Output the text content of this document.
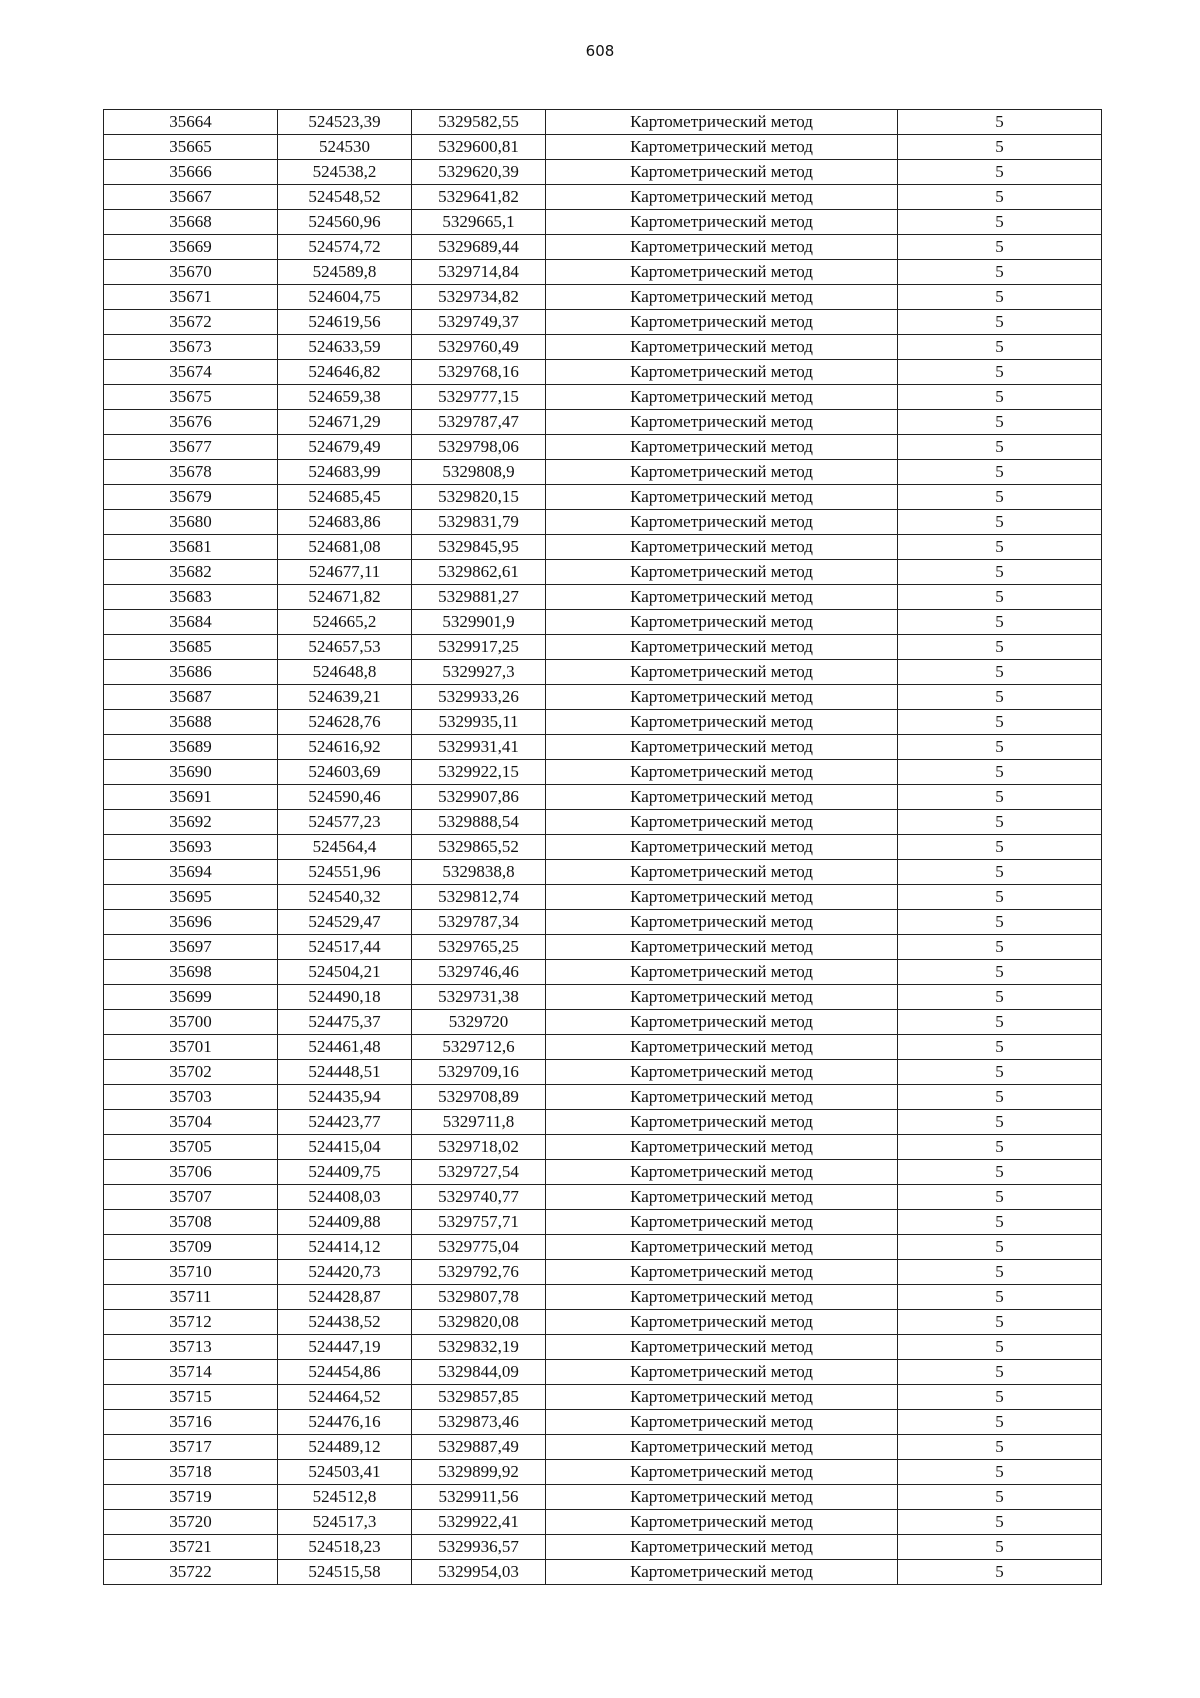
608
35664	524523,39	5329582,55	Картометрический метод	5
35665	524530	5329600,81	Картометрический метод	5
35666	524538,2	5329620,39	Картометрический метод	5
35667	524548,52	5329641,82	Картометрический метод	5
35668	524560,96	5329665,1	Картометрический метод	5
35669	524574,72	5329689,44	Картометрический метод	5
35670	524589,8	5329714,84	Картометрический метод	5
35671	524604,75	5329734,82	Картометрический метод	5
35672	524619,56	5329749,37	Картометрический метод	5
35673	524633,59	5329760,49	Картометрический метод	5
35674	524646,82	5329768,16	Картометрический метод	5
35675	524659,38	5329777,15	Картометрический метод	5
35676	524671,29	5329787,47	Картометрический метод	5
35677	524679,49	5329798,06	Картометрический метод	5
35678	524683,99	5329808,9	Картометрический метод	5
35679	524685,45	5329820,15	Картометрический метод	5
35680	524683,86	5329831,79	Картометрический метод	5
35681	524681,08	5329845,95	Картометрический метод	5
35682	524677,11	5329862,61	Картометрический метод	5
35683	524671,82	5329881,27	Картометрический метод	5
35684	524665,2	5329901,9	Картометрический метод	5
35685	524657,53	5329917,25	Картометрический метод	5
35686	524648,8	5329927,3	Картометрический метод	5
35687	524639,21	5329933,26	Картометрический метод	5
35688	524628,76	5329935,11	Картометрический метод	5
35689	524616,92	5329931,41	Картометрический метод	5
35690	524603,69	5329922,15	Картометрический метод	5
35691	524590,46	5329907,86	Картометрический метод	5
35692	524577,23	5329888,54	Картометрический метод	5
35693	524564,4	5329865,52	Картометрический метод	5
35694	524551,96	5329838,8	Картометрический метод	5
35695	524540,32	5329812,74	Картометрический метод	5
35696	524529,47	5329787,34	Картометрический метод	5
35697	524517,44	5329765,25	Картометрический метод	5
35698	524504,21	5329746,46	Картометрический метод	5
35699	524490,18	5329731,38	Картометрический метод	5
35700	524475,37	5329720	Картометрический метод	5
35701	524461,48	5329712,6	Картометрический метод	5
35702	524448,51	5329709,16	Картометрический метод	5
35703	524435,94	5329708,89	Картометрический метод	5
35704	524423,77	5329711,8	Картометрический метод	5
35705	524415,04	5329718,02	Картометрический метод	5
35706	524409,75	5329727,54	Картометрический метод	5
35707	524408,03	5329740,77	Картометрический метод	5
35708	524409,88	5329757,71	Картометрический метод	5
35709	524414,12	5329775,04	Картометрический метод	5
35710	524420,73	5329792,76	Картометрический метод	5
35711	524428,87	5329807,78	Картометрический метод	5
35712	524438,52	5329820,08	Картометрический метод	5
35713	524447,19	5329832,19	Картометрический метод	5
35714	524454,86	5329844,09	Картометрический метод	5
35715	524464,52	5329857,85	Картометрический метод	5
35716	524476,16	5329873,46	Картометрический метод	5
35717	524489,12	5329887,49	Картометрический метод	5
35718	524503,41	5329899,92	Картометрический метод	5
35719	524512,8	5329911,56	Картометрический метод	5
35720	524517,3	5329922,41	Картометрический метод	5
35721	524518,23	5329936,57	Картометрический метод	5
35722	524515,58	5329954,03	Картометрический метод	5
